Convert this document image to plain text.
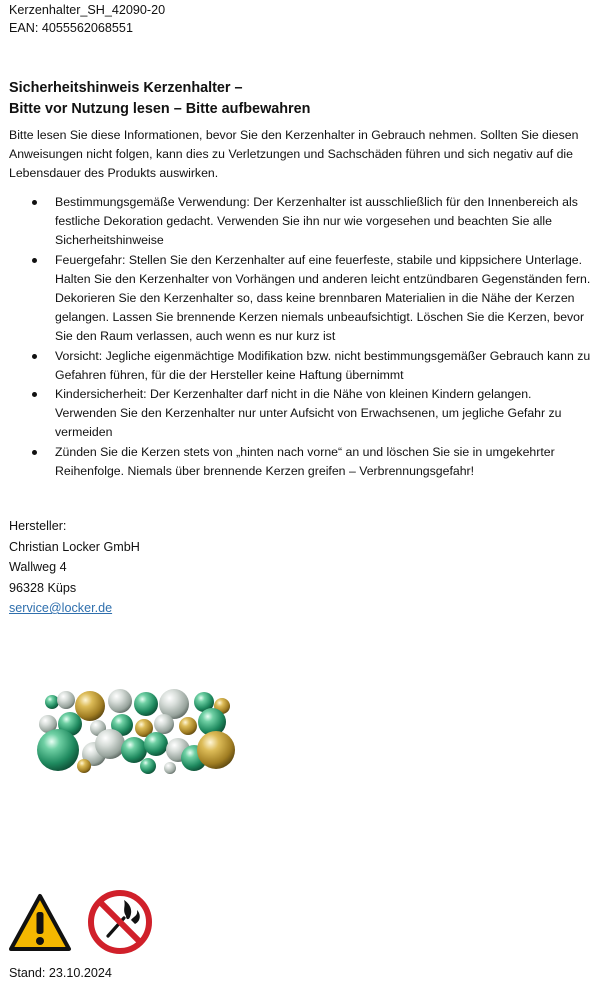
Kerzenhalter_SH_42090-20
EAN: 4055562068551
Sicherheitshinweis Kerzenhalter –
Bitte vor Nutzung lesen – Bitte aufbewahren
Bitte lesen Sie diese Informationen, bevor Sie den Kerzenhalter in Gebrauch nehmen. Sollten Sie diesen Anweisungen nicht folgen, kann dies zu Verletzungen und Sachschäden führen und sich negativ auf die Lebensdauer des Produkts auswirken.
Bestimmungsgemäße Verwendung: Der Kerzenhalter ist ausschließlich für den Innenbereich als festliche Dekoration gedacht. Verwenden Sie ihn nur wie vorgesehen und beachten Sie alle Sicherheitshinweise
Feuergefahr: Stellen Sie den Kerzenhalter auf eine feuerfeste, stabile und kippsichere Unterlage. Halten Sie den Kerzenhalter von Vorhängen und anderen leicht entzündbaren Gegenständen fern. Dekorieren Sie den Kerzenhalter so, dass keine brennbaren Materialien in die Nähe der Kerzen gelangen. Lassen Sie brennende Kerzen niemals unbeaufsichtigt. Löschen Sie die Kerzen, bevor Sie den Raum verlassen, auch wenn es nur kurz ist
Vorsicht: Jegliche eigenmächtige Modifikation bzw. nicht bestimmungsgemäßer Gebrauch kann zu Gefahren führen, für die der Hersteller keine Haftung übernimmt
Kindersicherheit: Der Kerzenhalter darf nicht in die Nähe von kleinen Kindern gelangen. Verwenden Sie den Kerzenhalter nur unter Aufsicht von Erwachsenen, um jegliche Gefahr zu vermeiden
Zünden Sie die Kerzen stets von „hinten nach vorne“ an und löschen Sie sie in umgekehrter Reihenfolge. Niemals über brennende Kerzen greifen – Verbrennungsgefahr!
Hersteller:
Christian Locker GmbH
Wallweg 4
96328 Küps
service@locker.de
Stand: 23.10.2024
